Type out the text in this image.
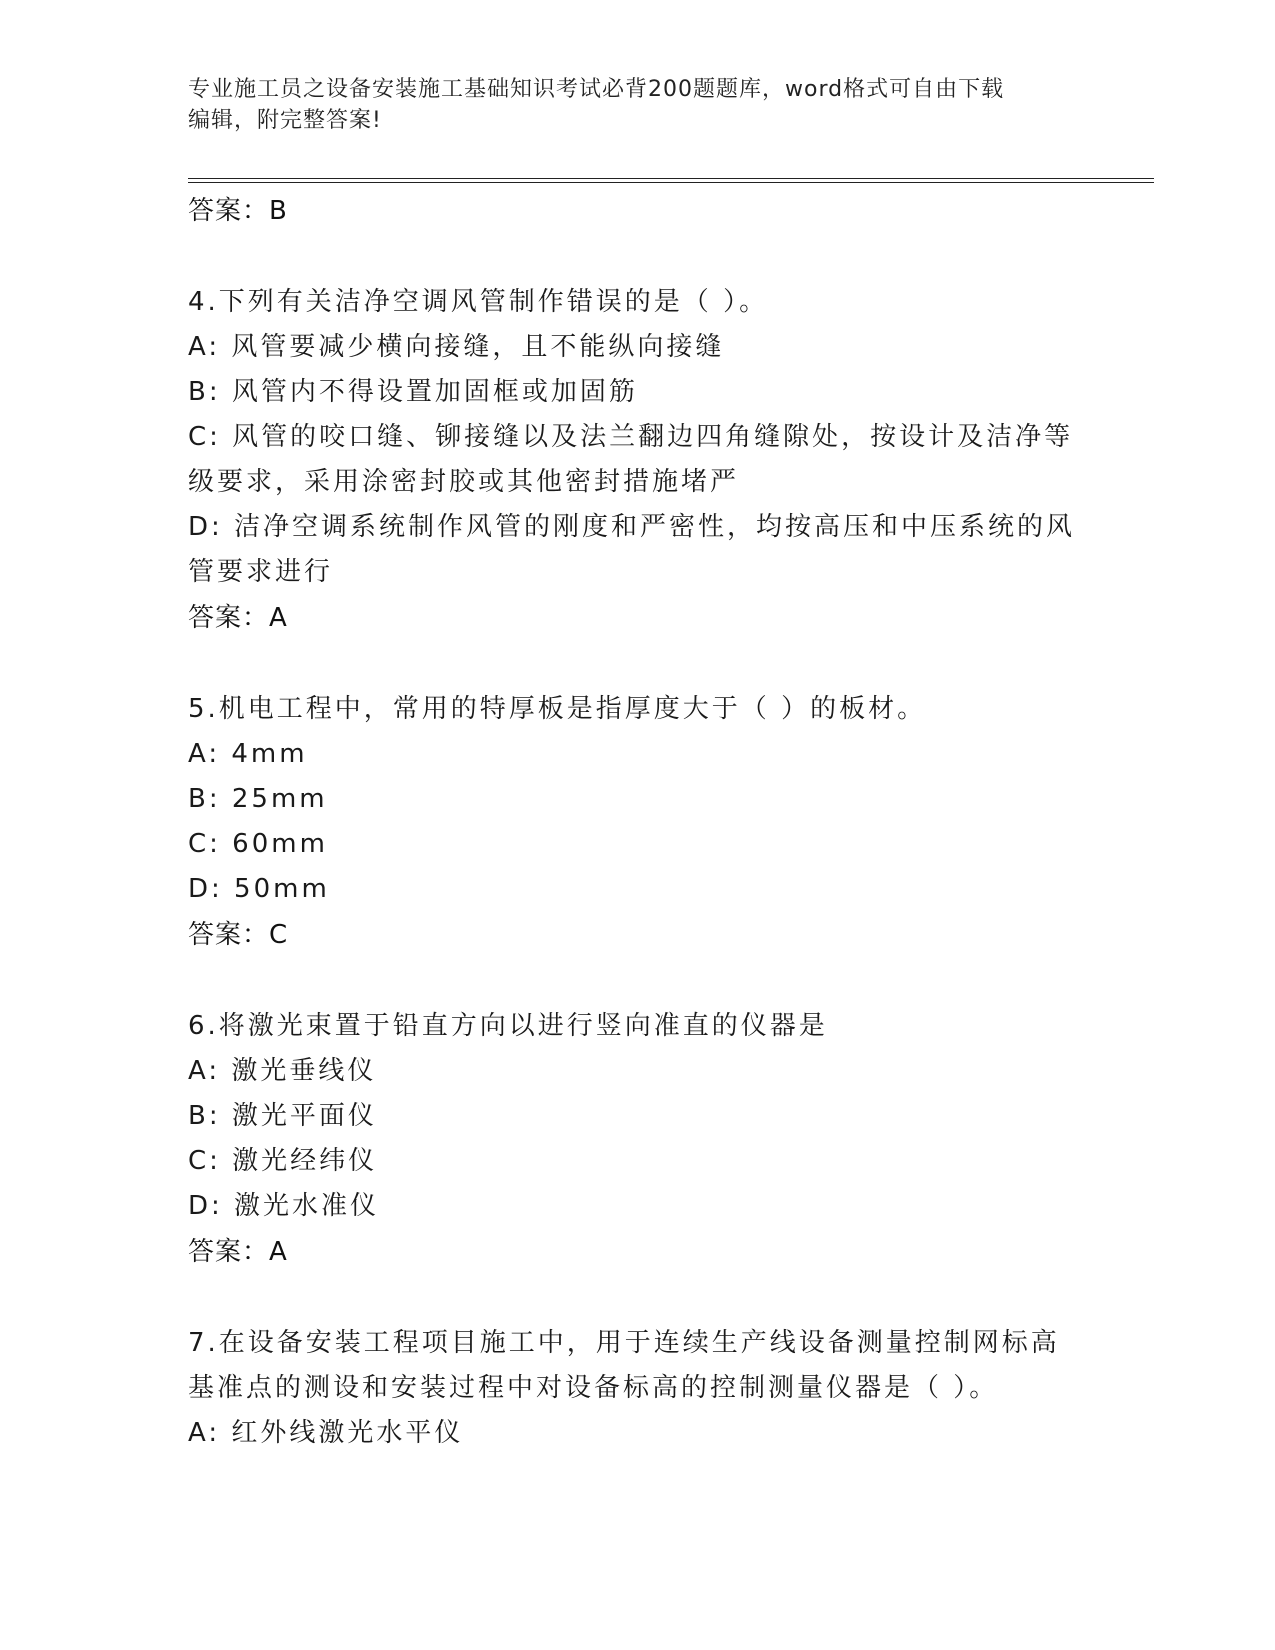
专业施工员之设备安装施工基础知识考试必背200题题库，word格式可自由下载
编辑，附完整答案!
答案：B
4.下列有关洁净空调风管制作错误的是（ ）。
A: 风管要减少横向接缝，且不能纵向接缝
B: 风管内不得设置加固框或加固筋
C: 风管的咬口缝、铆接缝以及法兰翻边四角缝隙处，按设计及洁净等
级要求，采用涂密封胶或其他密封措施堵严
D: 洁净空调系统制作风管的刚度和严密性，均按高压和中压系统的风
管要求进行
答案：A
5.机电工程中，常用的特厚板是指厚度大于（ ）的板材。
A: 4mm
B: 25mm
C: 60mm
D: 50mm
答案：C
6.将激光束置于铅直方向以进行竖向准直的仪器是
A: 激光垂线仪
B: 激光平面仪
C: 激光经纬仪
D: 激光水准仪
答案：A
7.在设备安装工程项目施工中，用于连续生产线设备测量控制网标高
基准点的测设和安装过程中对设备标高的控制测量仪器是（ ）。
A: 红外线激光水平仪
